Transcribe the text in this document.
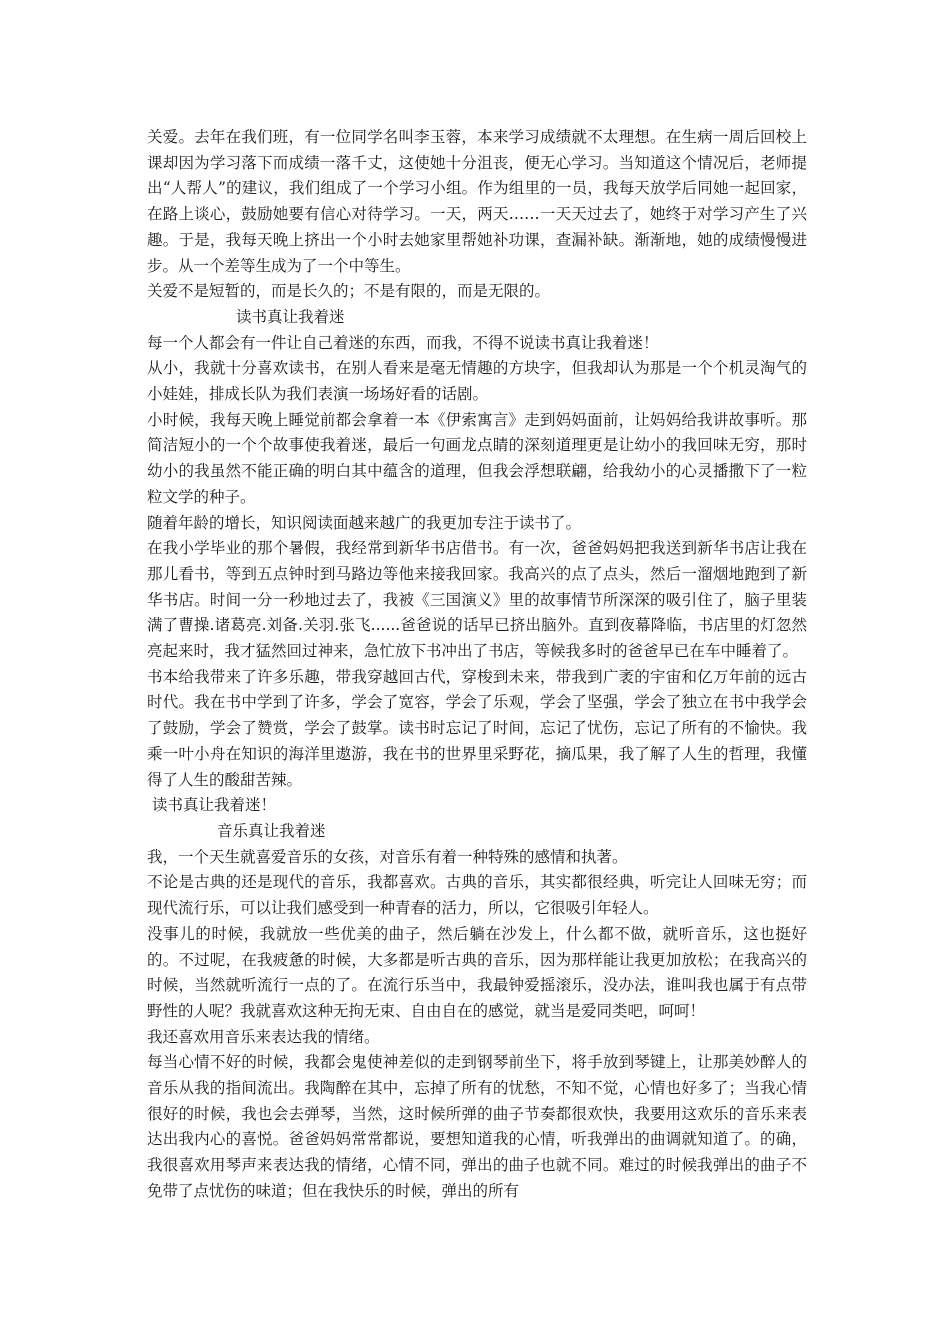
关爱。去年在我们班，有一位同学名叫李玉蓉，本来学习成绩就不太理想。在生病一周后回校上课却因为学习落下而成绩一落千丈，这使她十分沮丧，便无心学习。当知道这个情况后，老师提出“人帮人”的建议，我们组成了一个学习小组。作为组里的一员，我每天放学后同她一起回家，在路上谈心，鼓励她要有信心对待学习。一天，两天……一天天过去了，她终于对学习产生了兴趣。于是，我每天晚上挤出一个小时去她家里帮她补功课，查漏补缺。渐渐地，她的成绩慢慢进步。从一个差等生成为了一个中等生。

关爱不是短暂的，而是长久的；不是有限的，而是无限的。

读书真让我着迷

每一个人都会有一件让自己着迷的东西，而我，不得不说读书真让我着迷！

从小，我就十分喜欢读书，在别人看来是毫无情趣的方块字，但我却认为那是一个个机灵淘气的小娃娃，排成长队为我们表演一场场好看的话剧。

小时候，我每天晚上睡觉前都会拿着一本《伊索寓言》走到妈妈面前，让妈妈给我讲故事听。那简洁短小的一个个故事使我着迷，最后一句画龙点睛的深刻道理更是让幼小的我回味无穷，那时幼小的我虽然不能正确的明白其中蕴含的道理，但我会浮想联翩，给我幼小的心灵播撒下了一粒粒文学的种子。

随着年龄的增长，知识阅读面越来越广的我更加专注于读书了。

在我小学毕业的那个暑假，我经常到新华书店借书。有一次，爸爸妈妈把我送到新华书店让我在那儿看书，等到五点钟时到马路边等他来接我回家。我高兴的点了点头，然后一溜烟地跑到了新华书店。时间一分一秒地过去了，我被《三国演义》里的故事情节所深深的吸引住了，脑子里装满了曹操.诸葛亮.刘备.关羽.张飞......爸爸说的话早已挤出脑外。直到夜幕降临，书店里的灯忽然亮起来时，我才猛然回过神来，急忙放下书冲出了书店，等候我多时的爸爸早已在车中睡着了。

书本给我带来了许多乐趣，带我穿越回古代，穿梭到未来，带我到广袤的宇宙和亿万年前的远古时代。我在书中学到了许多，学会了宽容，学会了乐观，学会了坚强，学会了独立在书中我学会了鼓励，学会了赞赏，学会了鼓掌。读书时忘记了时间，忘记了忧伤，忘记了所有的不愉快。我乘一叶小舟在知识的海洋里遨游，我在书的世界里采野花，摘瓜果，我了解了人生的哲理，我懂得了人生的酸甜苦辣。

读书真让我着迷！

音乐真让我着迷

我，一个天生就喜爱音乐的女孩，对音乐有着一种特殊的感情和执著。

不论是古典的还是现代的音乐，我都喜欢。古典的音乐，其实都很经典，听完让人回味无穷；而现代流行乐，可以让我们感受到一种青春的活力，所以，它很吸引年轻人。

没事儿的时候，我就放一些优美的曲子，然后躺在沙发上，什么都不做，就听音乐，这也挺好的。不过呢，在我疲惫的时候，大多都是听古典的音乐，因为那样能让我更加放松；在我高兴的时候，当然就听流行一点的了。在流行乐当中，我最钟爱摇滚乐，没办法，谁叫我也属于有点带野性的人呢？我就喜欢这种无拘无束、自由自在的感觉，就当是爱同类吧，呵呵！

我还喜欢用音乐来表达我的情绪。

每当心情不好的时候，我都会鬼使神差似的走到钢琴前坐下，将手放到琴键上，让那美妙醉人的音乐从我的指间流出。我陶醉在其中，忘掉了所有的忧愁，不知不觉，心情也好多了；当我心情很好的时候，我也会去弹琴，当然，这时候所弹的曲子节奏都很欢快，我要用这欢乐的音乐来表达出我内心的喜悦。爸爸妈妈常常都说，要想知道我的心情，听我弹出的曲调就知道了。的确，我很喜欢用琴声来表达我的情绪，心情不同，弹出的曲子也就不同。难过的时候我弹出的曲子不免带了点忧伤的味道；但在我快乐的时候，弹出的所有
